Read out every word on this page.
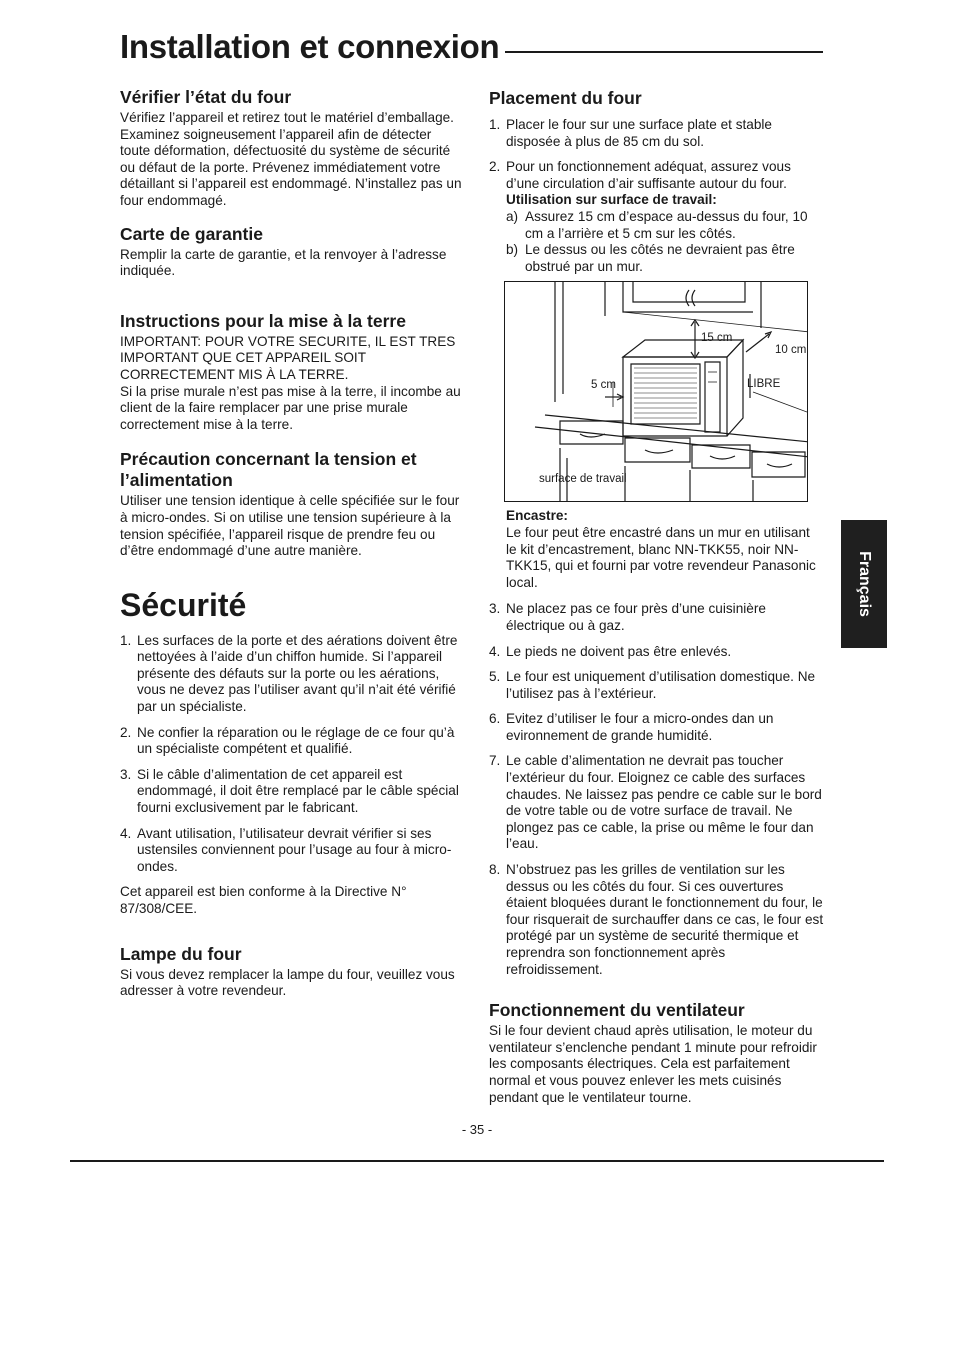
Installation et connexion
Vérifier l’état du four

Vérifiez l’appareil et retirez tout le matériel d’emballage. Examinez soigneusement l’appareil afin de détecter toute déformation, défectuosité du système de sécurité ou défaut de la porte. Prévenez immédiatement votre détaillant si l’appareil est endommagé. N’installez pas un four endommagé.

Carte de garantie

Remplir la carte de garantie, et la renvoyer à l’adresse indiquée.

Instructions pour la mise à la terre

IMPORTANT: POUR VOTRE SECURITE, IL EST TRES IMPORTANT QUE CET APPAREIL SOIT CORRECTEMENT MIS À LA TERRE.

Si la prise murale n’est pas mise à la terre, il incombe au client de la faire remplacer par une prise murale correctement mise à la terre.

Précaution concernant la tension et l’alimentation

Utiliser une tension identique à celle spécifiée sur le four à micro-ondes. Si on utilise une tension supérieure à la tension spécifiée, l’appareil risque de prendre feu ou d’être endommagé d’une autre manière.

Sécurité
1. Les surfaces de la porte et des aérations doivent être nettoyées à l’aide d’un chiffon humide. Si l’appareil présente des défauts sur la porte ou les aérations, vous ne devez pas l’utiliser avant qu’il n’ait été vérifié par un spécialiste.
2. Ne confier la réparation ou le réglage de ce four qu’à un spécialiste compétent et qualifié.
3. Si le câble d’alimentation de cet appareil est endommagé, il doit être remplacé par le câble spécial fourni exclusivement par le fabricant.
4. Avant utilisation, l’utilisateur devrait vérifier si ses ustensiles conviennent pour l’usage au four à micro-ondes.

Cet appareil est bien conforme à la Directive N° 87/308/CEE.

Lampe du four

Si vous devez remplacer la lampe du four, veuillez vous adresser à votre revendeur.

Placement du four
1. Placer le four sur une surface plate et stable disposée à plus de 85 cm du sol.
2. Pour un fonctionnement adéquat, assurez vous d’une circulation d’air suffisante autour du four.
Utilisation sur surface de travail:
a) Assurez 15 cm d’espace au-dessus du four, 10 cm a l’arrière et 5 cm sur les côtés.
b) Le dessus ou les côtés ne devraient pas être obstrué par un mur.
15 cm
10 cm
5 cm	LIBRE
surface de travail
Encastre:

Le four peut être encastré dans un mur en utilisant le kit d’encastrement, blanc NN-TKK55, noir NN-TKK15, qui et fourni par votre revendeur Panasonic local.

3. Ne placez pas ce four près d’une cuisinière électrique ou à gaz.
4. Le pieds ne doivent pas être enlevés.
5. Le four est uniquement d’utilisation domestique. Ne l’utilisez pas à l’extérieur.
6. Evitez d’utiliser le four a micro-ondes dan un evironnement de grande humidité.
7. Le cable d’alimentation ne devrait pas toucher l’extérieur du four. Eloignez ce cable des surfaces chaudes. Ne laissez pas pendre ce cable sur le bord de votre table ou de votre surface de travail. Ne plongez pas ce cable, la prise ou même le four dan l’eau.
8. N’obstruez pas les grilles de ventilation sur les dessus ou les côtés du four. Si ces ouvertures étaient bloquées durant le fonctionnement du four, le four risquerait de surchauffer dans ce cas, le four est protégé par un système de securité thermique et reprendra son fonctionnement après refroidissement.
Fonctionnement du ventilateur

Si le four devient chaud après utilisation, le moteur du ventilateur s’enclenche pendant 1 minute pour refroidir les composants électriques. Cela est parfaitement normal et vous pouvez enlever les mets cuisinés pendant que le ventilateur tourne.

Français
- 35 -
